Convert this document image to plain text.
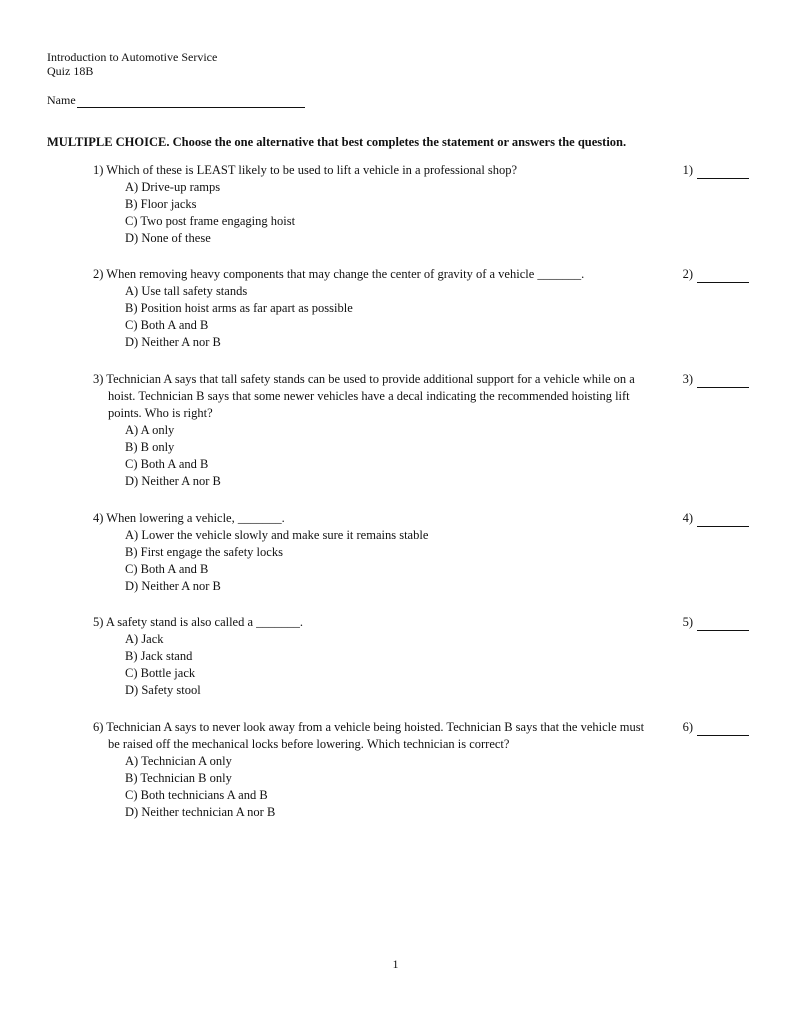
Introduction to Automotive Service
Quiz 18B
Name
MULTIPLE CHOICE. Choose the one alternative that best completes the statement or answers the question.
1) Which of these is LEAST likely to be used to lift a vehicle in a professional shop?
A) Drive-up ramps
B) Floor jacks
C) Two post frame engaging hoist
D) None of these
1)
2) When removing heavy components that may change the center of gravity of a vehicle _______.
A) Use tall safety stands
B) Position hoist arms as far apart as possible
C) Both A and B
D) Neither A nor B
2)
3) Technician A says that tall safety stands can be used to provide additional support for a vehicle while on a hoist. Technician B says that some newer vehicles have a decal indicating the recommended hoisting lift points. Who is right?
A) A only
B) B only
C) Both A and B
D) Neither A nor B
3)
4) When lowering a vehicle, _______.
A) Lower the vehicle slowly and make sure it remains stable
B) First engage the safety locks
C) Both A and B
D) Neither A nor B
4)
5) A safety stand is also called a _______.
A) Jack
B) Jack stand
C) Bottle jack
D) Safety stool
5)
6) Technician A says to never look away from a vehicle being hoisted. Technician B says that the vehicle must be raised off the mechanical locks before lowering. Which technician is correct?
A) Technician A only
B) Technician B only
C) Both technicians A and B
D) Neither technician A nor B
6)
1
